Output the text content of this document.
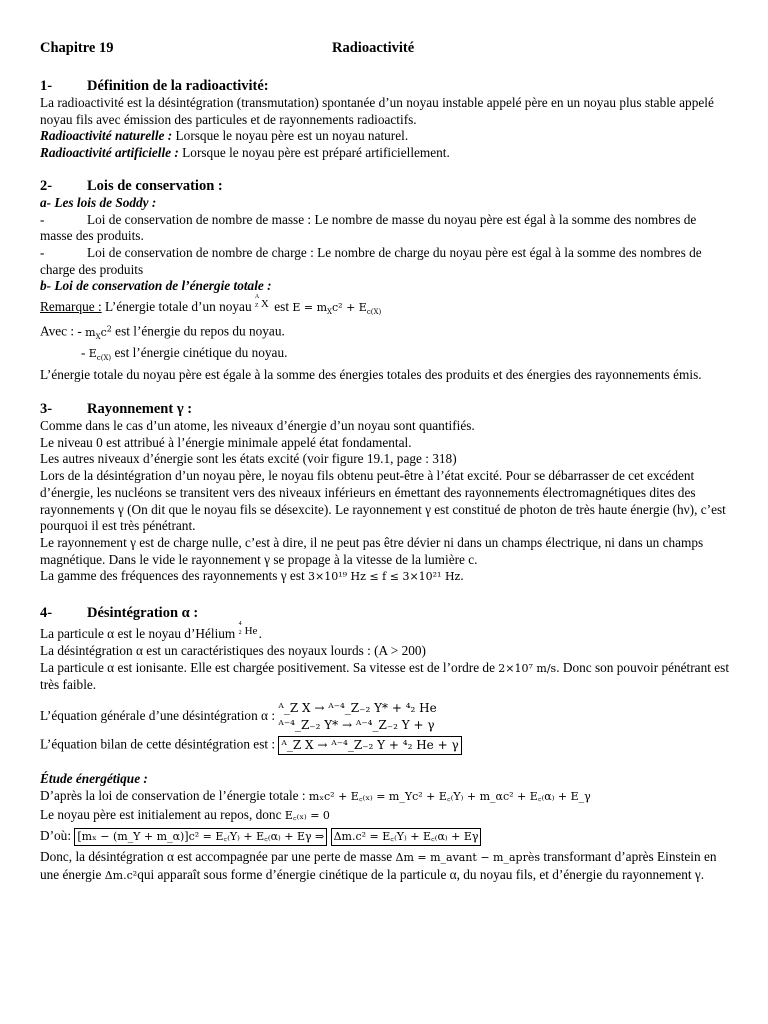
Chapitre 19	Radioactivité
1- Définition de la radioactivité:

La radioactivité est la désintégration (transmutation) spontanée d’un noyau instable appelé père en un noyau plus stable appelé noyau fils avec émission des particules et de rayonnements radioactifs.

Radioactivité naturelle : Lorsque le noyau père est un noyau naturel.

Radioactivité artificielle : Lorsque le noyau père est préparé artificiellement.

2- Lois de conservation :

a- Les lois de Soddy :

-	Loi de conservation de nombre de masse : Le nombre de masse du noyau père est égal à la somme des nombres de masse des produits.

-	Loi de conservation de nombre de charge : Le nombre de charge du noyau père est égal à la somme des nombres de charge des produits

b- Loi de conservation de l’énergie totale :

Remarque : L’énergie totale d’un noyau
A
Z X est $E = m_Xc^2 + E_{c(X)}$

Avec : - $m_Xc^2$ est l’énergie du repos du noyau.

- $E_{c(X)}$ est l’énergie cinétique du noyau.

L’énergie totale du noyau père est égale à la somme des énergies totales des produits et des énergies des rayonnements émis.

3- Rayonnement γ :

Comme dans le cas d’un atome, les niveaux d’énergie d’un noyau sont quantifiés.

Le niveau 0 est attribué à l’énergie minimale appelé état fondamental.

Les autres niveaux d’énergie sont les états excité (voir figure 19.1, page : 318)

Lors de la désintégration d’un noyau père, le noyau fils obtenu peut-être à l’état excité. Pour se débarrasser de cet excédent d’énergie, les nucléons se transitent vers des niveaux inférieurs en émettant des rayonnements électromagnétiques dites des rayonnements γ (On dit que le noyau fils se désexcite). Le rayonnement γ est constitué de photon de très haute énergie (hν), c’est pourquoi il est très pénétrant.

Le rayonnement γ est de charge nulle, c’est à dire, il ne peut pas être dévier ni dans un champs électrique, ni dans un champs magnétique. Dans le vide le rayonnement γ se propage à la vitesse de la lumière c.

La gamme des fréquences des rayonnements γ est 3×10¹⁹ Hz ≤ f ≤ 3×10²¹ Hz.

4- Désintégration α :

La particule α est le noyau d’Hélium
4
2 He .

La désintégration α est un caractéristiques des noyaux lourds : (A > 200)

La particule α est ionisante. Elle est chargée positivement. Sa vitesse est de l’ordre de 2×10⁷ m/s. Donc son pouvoir pénétrant est très faible.

L’équation générale d’une désintégration α :
ᴬ_Z X → ᴬ⁻⁴_Z₋₂ Y* + ⁴₂ He
ᴬ⁻⁴_Z₋₂ Y* → ᴬ⁻⁴_Z₋₂ Y + γ

L’équation bilan de cette désintégration est : ᴬ_Z X → ᴬ⁻⁴_Z₋₂ Y + ⁴₂ He + γ

Étude énergétique :

D’après la loi de conservation de l’énergie totale : mₓc² + E꜀₍ₓ₎ = m_Yc² + E꜀₍Y₎ + m_αc² + E꜀₍α₎ + E_γ

Le noyau père est initialement au repos, donc E꜀₍ₓ₎ = 0

D’où: [mₓ − (m_Y + m_α)]c² = E꜀₍Y₎ + E꜀₍α₎ + Eγ ⇒ Δm.c² = E꜀₍Y₎ + E꜀₍α₎ + Eγ

Donc, la désintégration α est accompagnée par une perte de masse Δm = m_avant − m_après transformant d’après Einstein en une énergie Δm.c²qui apparaît sous forme d’énergie cinétique de la particule α, du noyau fils, et d’énergie du rayonnement γ.
